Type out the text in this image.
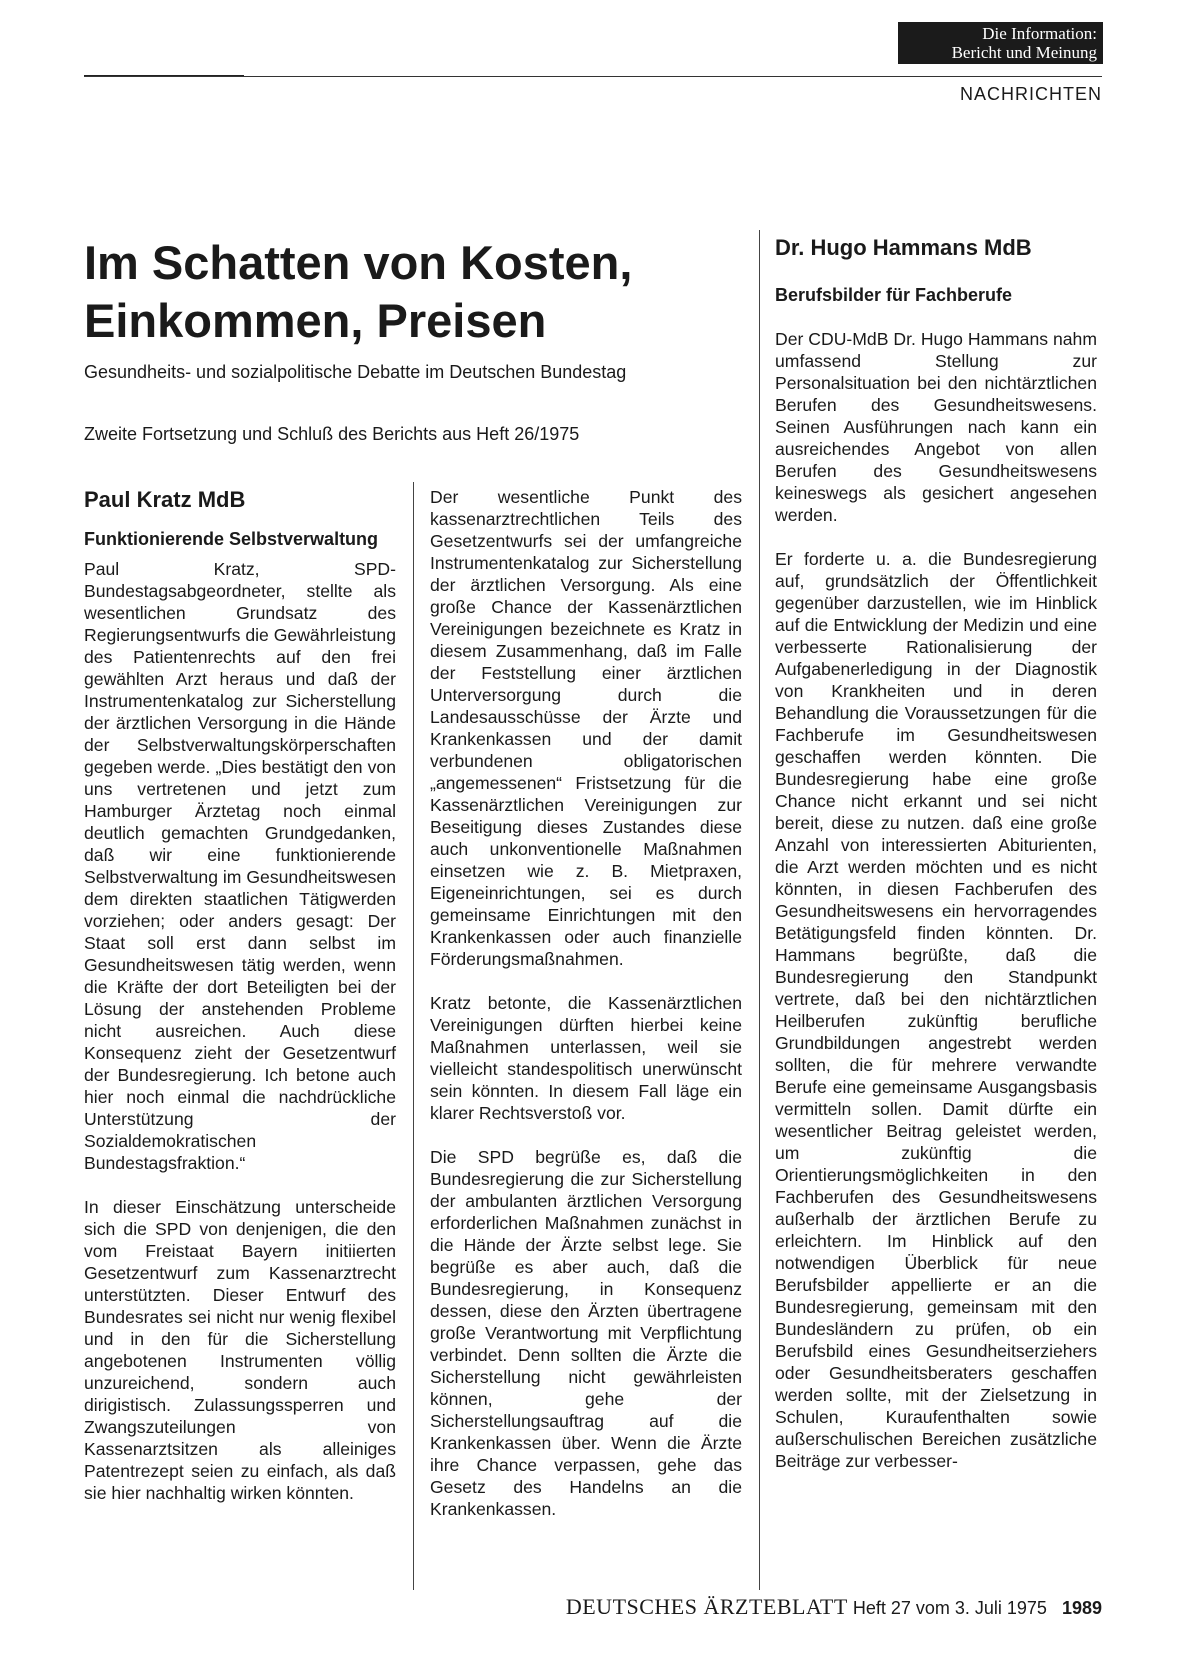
Die Information:
Bericht und Meinung
NACHRICHTEN
Im Schatten von Kosten,
Einkommen, Preisen

Gesundheits- und sozialpolitische Debatte im Deutschen Bundestag

Zweite Fortsetzung und Schluß des Berichts aus Heft 26/1975

Paul Kratz MdB
Funktionierende Selbstverwaltung

Paul Kratz, SPD-Bundestagsabgeordneter, stellte als wesentlichen Grundsatz des Regierungsentwurfs die Gewährleistung des Patientenrechts auf den frei gewählten Arzt heraus und daß der Instrumentenkatalog zur Sicherstellung der ärztlichen Versorgung in die Hände der Selbstverwaltungskörperschaften gegeben werde. „Dies bestätigt den von uns vertretenen und jetzt zum Hamburger Ärztetag noch einmal deutlich gemachten Grundgedanken, daß wir eine funktionierende Selbstverwaltung im Gesundheitswesen dem direkten staatlichen Tätigwerden vorziehen; oder anders gesagt: Der Staat soll erst dann selbst im Gesundheitswesen tätig werden, wenn die Kräfte der dort Beteiligten bei der Lösung der anstehenden Probleme nicht ausreichen. Auch diese Konsequenz zieht der Gesetzentwurf der Bundesregierung. Ich betone auch hier noch einmal die nachdrückliche Unterstützung der Sozialdemokratischen Bundestagsfraktion.“

In dieser Einschätzung unterscheide sich die SPD von denjenigen, die den vom Freistaat Bayern initiierten Gesetzentwurf zum Kassenarztrecht unterstützten. Dieser Entwurf des Bundesrates sei nicht nur wenig flexibel und in den für die Sicherstellung angebotenen Instrumenten völlig unzureichend, sondern auch dirigistisch. Zulassungssperren und Zwangszuteilungen von Kassenarztsitzen als alleiniges Patentrezept seien zu einfach, als daß sie hier nachhaltig wirken könnten.

Der wesentliche Punkt des kassenarztrechtlichen Teils des Gesetzentwurfs sei der umfangreiche Instrumentenkatalog zur Sicherstellung der ärztlichen Versorgung. Als eine große Chance der Kassenärztlichen Vereinigungen bezeichnete es Kratz in diesem Zusammenhang, daß im Falle der Feststellung einer ärztlichen Unterversorgung durch die Landesausschüsse der Ärzte und Krankenkassen und der damit verbundenen obligatorischen „angemessenen“ Fristsetzung für die Kassenärztlichen Vereinigungen zur Beseitigung dieses Zustandes diese auch unkonventionelle Maßnahmen einsetzen wie z. B. Mietpraxen, Eigeneinrichtungen, sei es durch gemeinsame Einrichtungen mit den Krankenkassen oder auch finanzielle Förderungsmaßnahmen.

Kratz betonte, die Kassenärztlichen Vereinigungen dürften hierbei keine Maßnahmen unterlassen, weil sie vielleicht standespolitisch unerwünscht sein könnten. In diesem Fall läge ein klarer Rechtsverstoß vor.

Die SPD begrüße es, daß die Bundesregierung die zur Sicherstellung der ambulanten ärztlichen Versorgung erforderlichen Maßnahmen zunächst in die Hände der Ärzte selbst lege. Sie begrüße es aber auch, daß die Bundesregierung, in Konsequenz dessen, diese den Ärzten übertragene große Verantwortung mit Verpflichtung verbindet. Denn sollten die Ärzte die Sicherstellung nicht gewährleisten können, gehe der Sicherstellungsauftrag auf die Krankenkassen über. Wenn die Ärzte ihre Chance verpassen, gehe das Gesetz des Handelns an die Krankenkassen.

Dr. Hugo Hammans MdB
Berufsbilder für Fachberufe

Der CDU-MdB Dr. Hugo Hammans nahm umfassend Stellung zur Personalsituation bei den nichtärztlichen Berufen des Gesundheitswesens. Seinen Ausführungen nach kann ein ausreichendes Angebot von allen Berufen des Gesundheitswesens keineswegs als gesichert angesehen werden.

Er forderte u. a. die Bundesregierung auf, grundsätzlich der Öffentlichkeit gegenüber darzustellen, wie im Hinblick auf die Entwicklung der Medizin und eine verbesserte Rationalisierung der Aufgabenerledigung in der Diagnostik von Krankheiten und in deren Behandlung die Voraussetzungen für die Fachberufe im Gesundheitswesen geschaffen werden könnten. Die Bundesregierung habe eine große Chance nicht erkannt und sei nicht bereit, diese zu nutzen. daß eine große Anzahl von interessierten Abiturienten, die Arzt werden möchten und es nicht könnten, in diesen Fachberufen des Gesundheitswesens ein hervorragendes Betätigungsfeld finden könnten. Dr. Hammans begrüßte, daß die Bundesregierung den Standpunkt vertrete, daß bei den nichtärztlichen Heilberufen zukünftig berufliche Grundbildungen angestrebt werden sollten, die für mehrere verwandte Berufe eine gemeinsame Ausgangsbasis vermitteln sollen. Damit dürfte ein wesentlicher Beitrag geleistet werden, um zukünftig die Orientierungsmöglichkeiten in den Fachberufen des Gesundheitswesens außerhalb der ärztlichen Berufe zu erleichtern. Im Hinblick auf den notwendigen Überblick für neue Berufsbilder appellierte er an die Bundesregierung, gemeinsam mit den Bundesländern zu prüfen, ob ein Berufsbild eines Gesundheitserziehers oder Gesundheitsberaters geschaffen werden sollte, mit der Zielsetzung in Schulen, Kuraufenthalten sowie außerschulischen Bereichen zusätzliche Beiträge zur verbesser-

DEUTSCHES ÄRZTEBLATT Heft 27 vom 3. Juli 1975 1989
